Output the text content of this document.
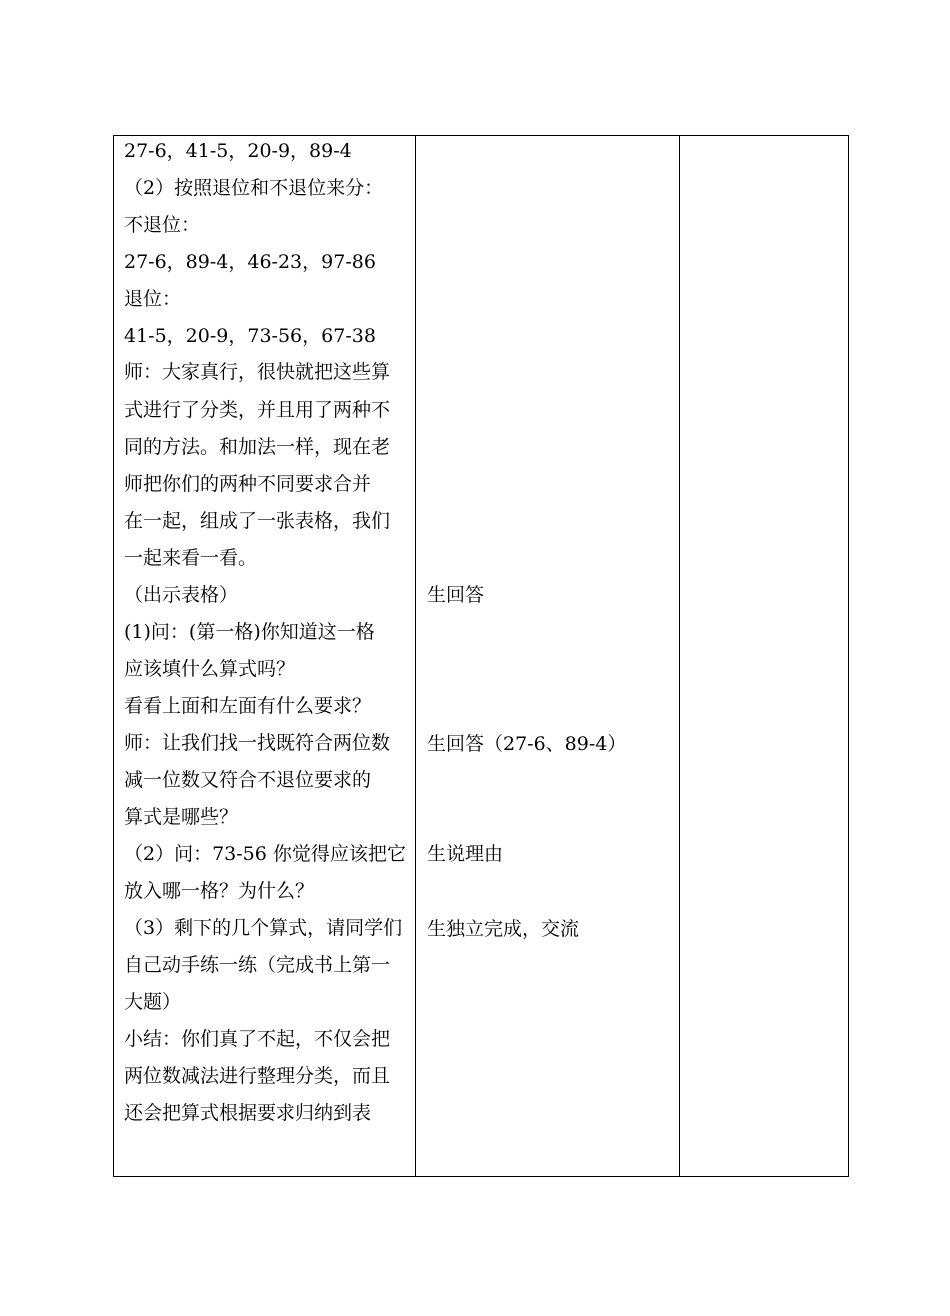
27-6，41-5，20-9，89-4
（2）按照退位和不退位来分：
不退位：
27-6，89-4，46-23，97-86
退位：
41-5，20-9，73-56，67-38
师：大家真行，很快就把这些算
式进行了分类，并且用了两种不
同的方法。和加法一样，现在老
师把你们的两种不同要求合并
在一起，组成了一张表格，我们
一起来看一看。
（出示表格）
(1)问：(第一格)你知道这一格
应该填什么算式吗？
看看上面和左面有什么要求？
师：让我们找一找既符合两位数
减一位数又符合不退位要求的
算式是哪些？
（2）问：73-56 你觉得应该把它
放入哪一格？为什么？
（3）剩下的几个算式，请同学们
自己动手练一练（完成书上第一
大题）
小结：你们真了不起，不仅会把
两位数减法进行整理分类，而且
还会把算式根据要求归纳到表
生回答
生回答（27-6、89-4）
生说理由
生独立完成，交流
